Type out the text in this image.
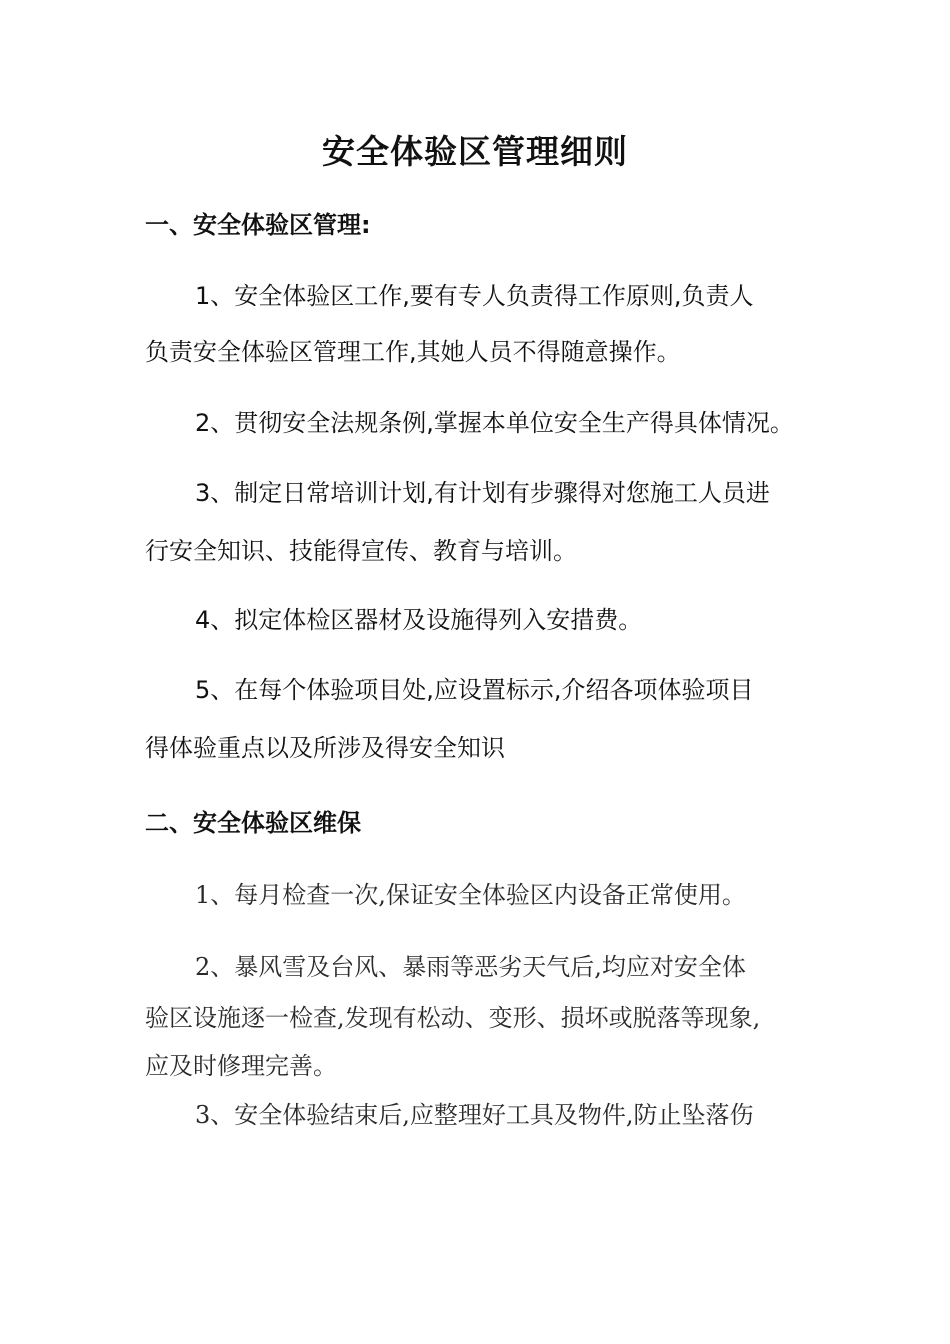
安全体验区管理细则
一、安全体验区管理:
1、安全体验区工作,要有专人负责得工作原则,负责人
负责安全体验区管理工作,其她人员不得随意操作。
2、贯彻安全法规条例,掌握本单位安全生产得具体情况。
3、制定日常培训计划,有计划有步骤得对您施工人员进
行安全知识、技能得宣传、教育与培训。
4、拟定体检区器材及设施得列入安措费。
5、在每个体验项目处,应设置标示,介绍各项体验项目
得体验重点以及所涉及得安全知识
二、安全体验区维保
1、每月检查一次,保证安全体验区内设备正常使用。
2、暴风雪及台风、暴雨等恶劣天气后,均应对安全体
验区设施逐一检查,发现有松动、变形、损坏或脱落等现象,
应及时修理完善。
3、安全体验结束后,应整理好工具及物件,防止坠落伤
